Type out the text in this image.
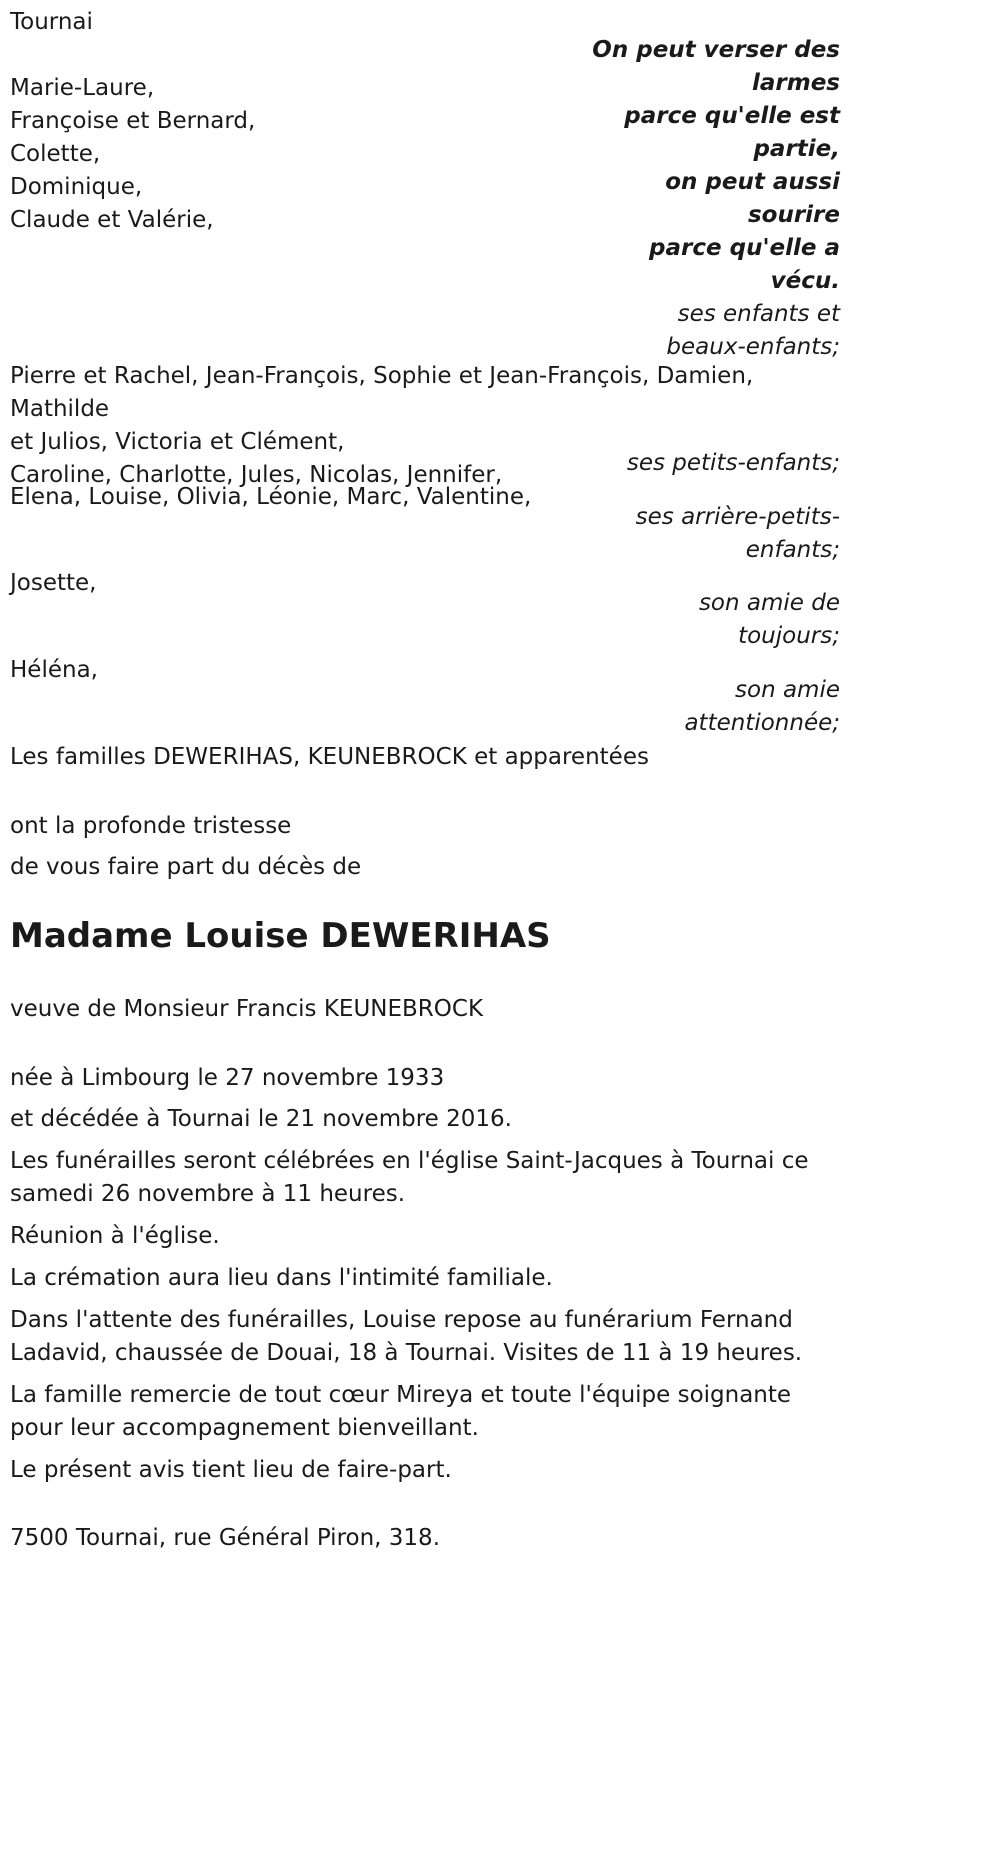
Tournai
Marie-Laure,
Françoise et Bernard,
Colette,
Dominique,
Claude et Valérie,
On peut verser des
larmes
parce qu'elle est
partie,
on peut aussi
sourire
parce qu'elle a
vécu.
ses enfants et
beaux-enfants;
Pierre et Rachel, Jean-François, Sophie et Jean-François, Damien, Mathilde
et Julios, Victoria et Clément,
Caroline, Charlotte, Jules, Nicolas, Jennifer,	ses petits-enfants;
Elena, Louise, Olivia, Léonie, Marc, Valentine,
ses arrière-petits-
enfants;
Josette,
son amie de
toujours;
Héléna,
son amie
attentionnée;
Les familles DEWERIHAS, KEUNEBROCK et apparentées
ont la profonde tristesse
de vous faire part du décès de
Madame Louise DEWERIHAS
veuve de Monsieur Francis KEUNEBROCK
née à Limbourg le 27 novembre 1933
et décédée à Tournai le 21 novembre 2016.
Les funérailles seront célébrées en l'église Saint-Jacques à Tournai ce samedi 26 novembre à 11 heures.
Réunion à l'église.
La crémation aura lieu dans l'intimité familiale.
Dans l'attente des funérailles, Louise repose au funérarium Fernand Ladavid, chaussée de Douai, 18 à Tournai. Visites de 11 à 19 heures.
La famille remercie de tout cœur Mireya et toute l'équipe soignante pour leur accompagnement bienveillant.
Le présent avis tient lieu de faire-part.
7500 Tournai, rue Général Piron, 318.
